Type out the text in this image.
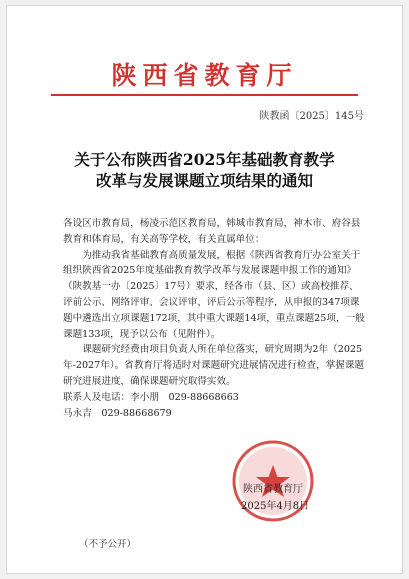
陕西省教育厅
陕教函〔2025〕145号
关于公布陕西省2025年基础教育教学
改革与发展课题立项结果的通知

各设区市教育局，杨凌示范区教育局，韩城市教育局，神木市、府谷县教育和体育局，有关高等学校，有关直属单位：

为推动我省基础教育高质量发展，根据《陕西省教育厅办公室关于组织陕西省2025年度基础教育教学改革与发展课题申报工作的通知》（陕教基一办〔2025〕17号）要求，经各市（县、区）或高校推荐、评前公示、网络评审、会议评审、评后公示等程序，从申报的347项课题中遴选出立项课题172项，其中重大课题14项，重点课题25项，一般课题133项，现予以公布（见附件）。

课题研究经费由项目负责人所在单位落实，研究周期为2年（2025年-2027年）。省教育厅将适时对课题研究进展情况进行检查，掌握课题研究进展进度，确保课题研究取得实效。

联系人及电话：李小朋　029-88668663

马永吉　029-88668679

陕西省教育厅
2025年4月8日
（不予公开）
